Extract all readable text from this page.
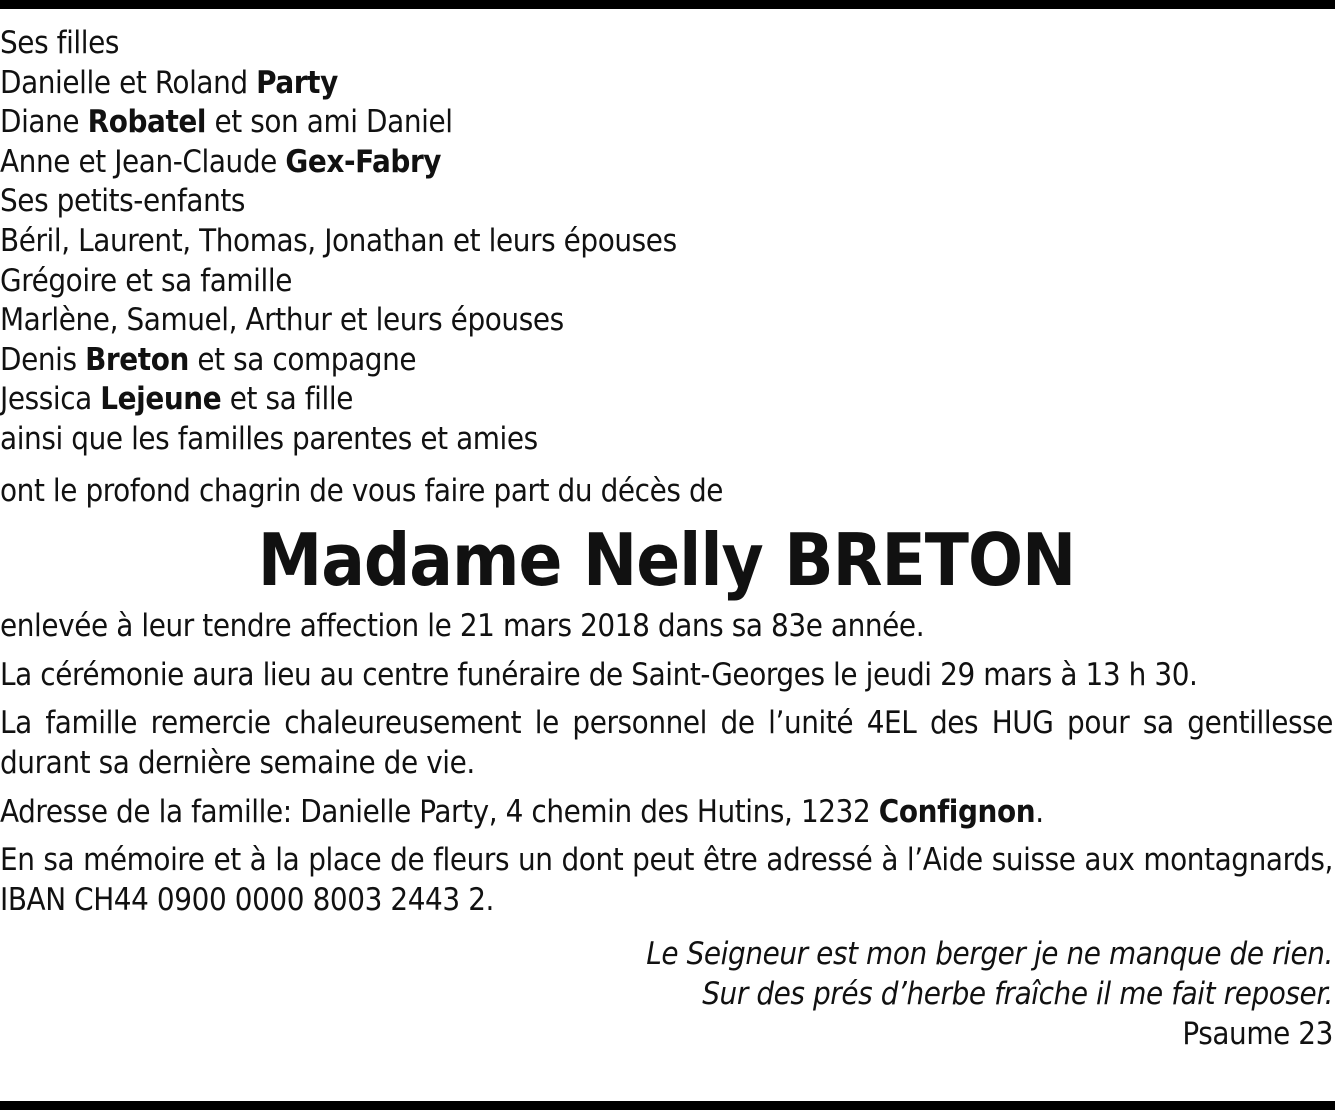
Ses filles
Danielle et Roland Party
Diane Robatel et son ami Daniel
Anne et Jean-Claude Gex-Fabry
Ses petits-enfants
Béril, Laurent, Thomas, Jonathan et leurs épouses
Grégoire et sa famille
Marlène, Samuel, Arthur et leurs épouses
Denis Breton et sa compagne
Jessica Lejeune et sa fille
ainsi que les familles parentes et amies
ont le profond chagrin de vous faire part du décès de
Madame Nelly BRETON
enlevée à leur tendre affection le 21 mars 2018 dans sa 83e année.
La cérémonie aura lieu au centre funéraire de Saint-Georges le jeudi 29 mars à 13 h 30.
La famille remercie chaleureusement le personnel de l’unité 4EL des HUG pour sa gentillesse durant sa dernière semaine de vie.
Adresse de la famille: Danielle Party, 4 chemin des Hutins, 1232 Confignon.
En sa mémoire et à la place de fleurs un dont peut être adressé à l’Aide suisse aux montagnards, IBAN CH44 0900 0000 8003 2443 2.
Le Seigneur est mon berger je ne manque de rien.
Sur des prés d’herbe fraîche il me fait reposer.
Psaume 23
